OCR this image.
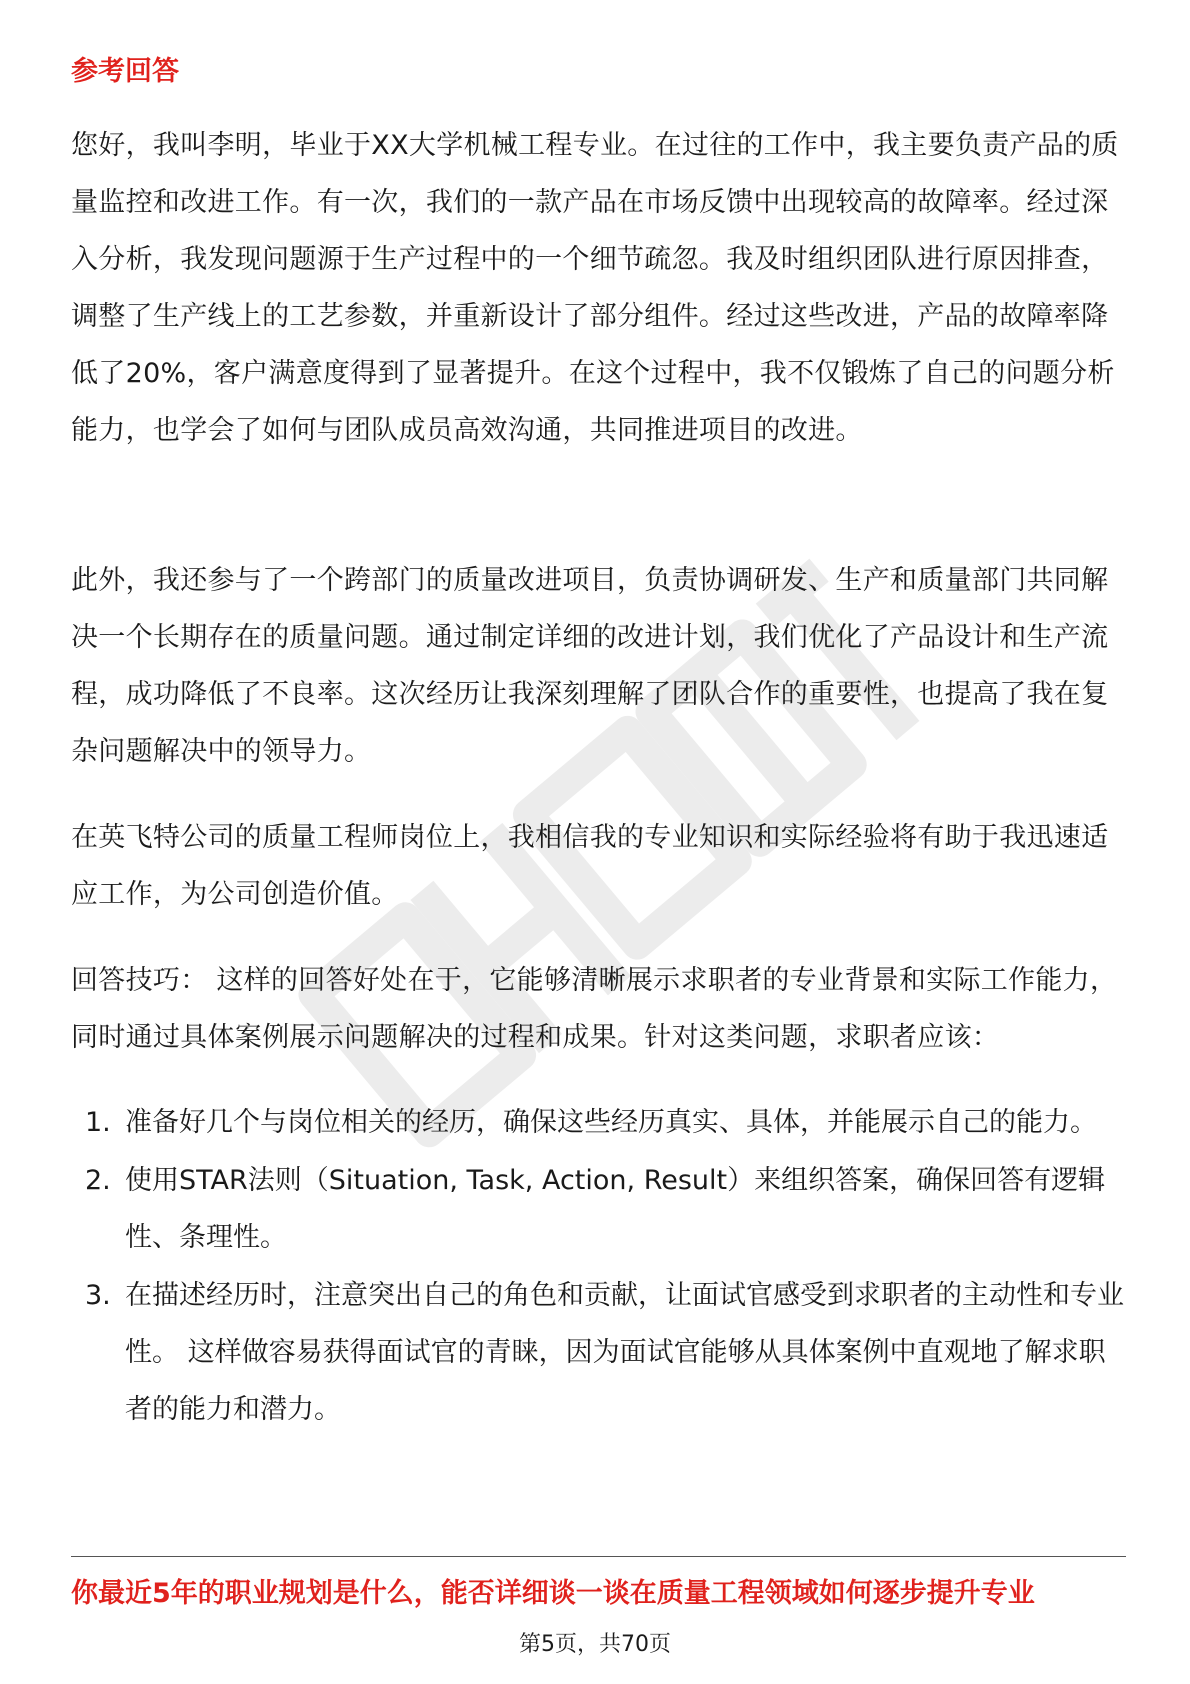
参考回答

您好，我叫李明，毕业于XX大学机械工程专业。在过往的工作中，我主要负责产品的质量监控和改进工作。有一次，我们的一款产品在市场反馈中出现较高的故障率。经过深入分析，我发现问题源于生产过程中的一个细节疏忽。我及时组织团队进行原因排查，调整了生产线上的工艺参数，并重新设计了部分组件。经过这些改进，产品的故障率降低了20%，客户满意度得到了显著提升。在这个过程中，我不仅锻炼了自己的问题分析能力，也学会了如何与团队成员高效沟通，共同推进项目的改进。

此外，我还参与了一个跨部门的质量改进项目，负责协调研发、生产和质量部门共同解决一个长期存在的质量问题。通过制定详细的改进计划，我们优化了产品设计和生产流程，成功降低了不良率。这次经历让我深刻理解了团队合作的重要性，也提高了我在复杂问题解决中的领导力。

在英飞特公司的质量工程师岗位上，我相信我的专业知识和实际经验将有助于我迅速适应工作，为公司创造价值。

回答技巧： 这样的回答好处在于，它能够清晰展示求职者的专业背景和实际工作能力，同时通过具体案例展示问题解决的过程和成果。针对这类问题，求职者应该：

1. 准备好几个与岗位相关的经历，确保这些经历真实、具体，并能展示自己的能力。
2. 使用STAR法则（Situation, Task, Action, Result）来组织答案，确保回答有逻辑性、条理性。
3. 在描述经历时，注意突出自己的角色和贡献，让面试官感受到求职者的主动性和专业性。 这样做容易获得面试官的青睐，因为面试官能够从具体案例中直观地了解求职者的能力和潜力。
你最近5年的职业规划是什么，能否详细谈一谈在质量工程领域如何逐步提升专业
第5页，共70页
